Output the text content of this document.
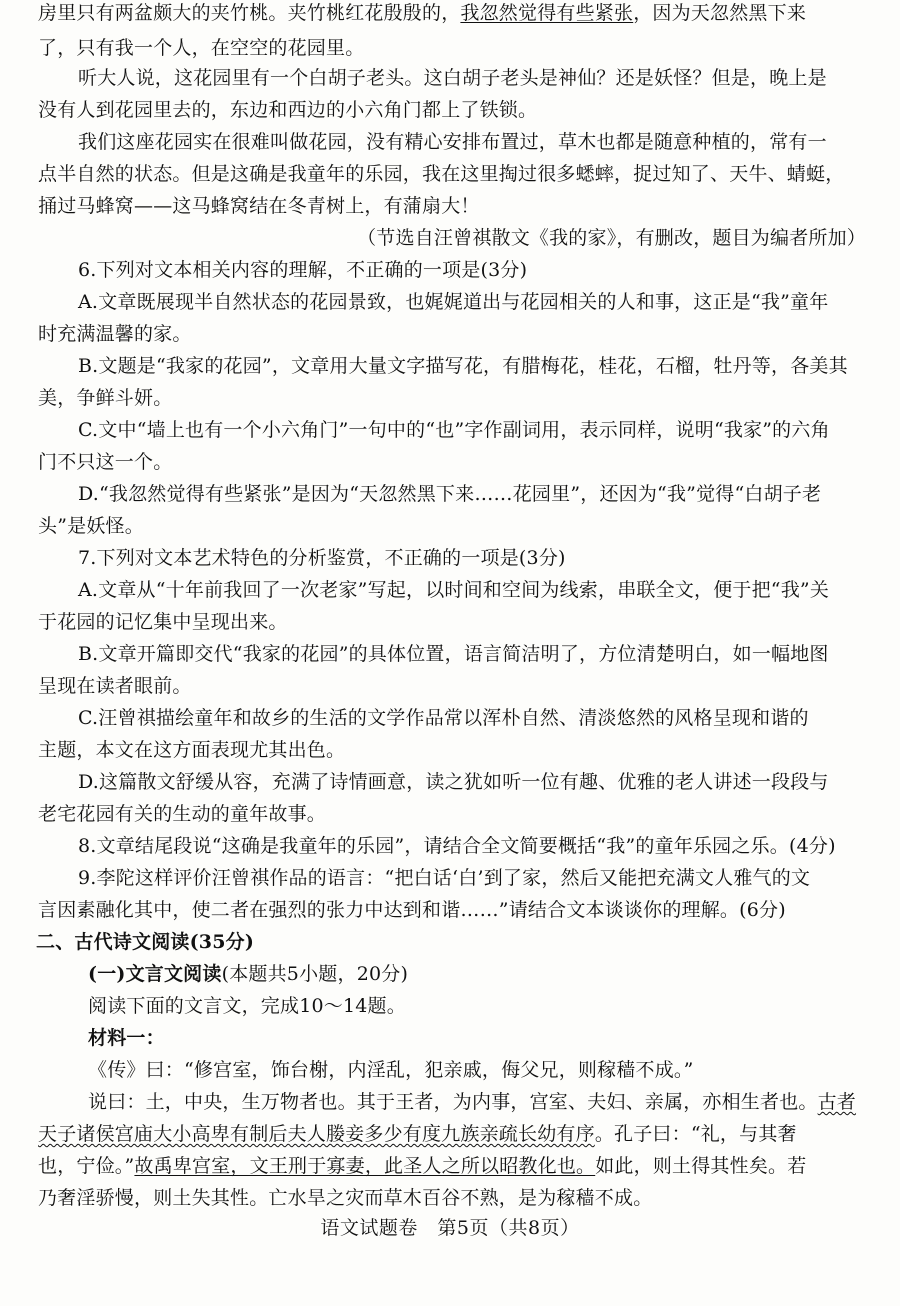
房里只有两盆颇大的夹竹桃。夹竹桃红花殷殷的，我忽然觉得有些紧张，因为天忽然黑下来
了，只有我一个人，在空空的花园里。
听大人说，这花园里有一个白胡子老头。这白胡子老头是神仙？还是妖怪？但是，晚上是
没有人到花园里去的，东边和西边的小六角门都上了铁锁。
我们这座花园实在很难叫做花园，没有精心安排布置过，草木也都是随意种植的，常有一
点半自然的状态。但是这确是我童年的乐园，我在这里掏过很多蟋蟀，捉过知了、天牛、蜻蜓，
捅过马蜂窝——这马蜂窝结在冬青树上，有蒲扇大！
（节选自汪曾祺散文《我的家》，有删改，题目为编者所加）
6.下列对文本相关内容的理解，不正确的一项是(3分)
A.文章既展现半自然状态的花园景致，也娓娓道出与花园相关的人和事，这正是“我”童年
时充满温馨的家。
B.文题是“我家的花园”，文章用大量文字描写花，有腊梅花，桂花，石榴，牡丹等，各美其
美，争鲜斗妍。
C.文中“墙上也有一个小六角门”一句中的“也”字作副词用，表示同样，说明“我家”的六角
门不只这一个。
D.“我忽然觉得有些紧张”是因为“天忽然黑下来……花园里”，还因为“我”觉得“白胡子老
头”是妖怪。
7.下列对文本艺术特色的分析鉴赏，不正确的一项是(3分)
A.文章从“十年前我回了一次老家”写起，以时间和空间为线索，串联全文，便于把“我”关
于花园的记忆集中呈现出来。
B.文章开篇即交代“我家的花园”的具体位置，语言简洁明了，方位清楚明白，如一幅地图
呈现在读者眼前。
C.汪曾祺描绘童年和故乡的生活的文学作品常以浑朴自然、清淡悠然的风格呈现和谐的
主题，本文在这方面表现尤其出色。
D.这篇散文舒缓从容，充满了诗情画意，读之犹如听一位有趣、优雅的老人讲述一段段与
老宅花园有关的生动的童年故事。
8.文章结尾段说“这确是我童年的乐园”，请结合全文简要概括“我”的童年乐园之乐。(4分)
9.李陀这样评价汪曾祺作品的语言：“把白话‘白’到了家，然后又能把充满文人雅气的文
言因素融化其中，使二者在强烈的张力中达到和谐……”请结合文本谈谈你的理解。(6分)
二、古代诗文阅读(35分)
(一)文言文阅读(本题共5小题，20分)
阅读下面的文言文，完成10～14题。
材料一：
《传》曰：“修宫室，饰台榭，内淫乱，犯亲戚，侮父兄，则稼穑不成。”
说曰：土，中央，生万物者也。其于王者，为内事，宫室、夫妇、亲属，亦相生者也。古者
天子诸侯宫庙大小高卑有制后夫人媵妾多少有度九族亲疏长幼有序。孔子曰：“礼，与其奢
也，宁俭。”故禹卑宫室，文王刑于寡妻，此圣人之所以昭教化也。如此，则土得其性矣。若
乃奢淫骄慢，则土失其性。亡水旱之灾而草木百谷不熟，是为稼穑不成。
语文试题卷　第5页（共8页）
